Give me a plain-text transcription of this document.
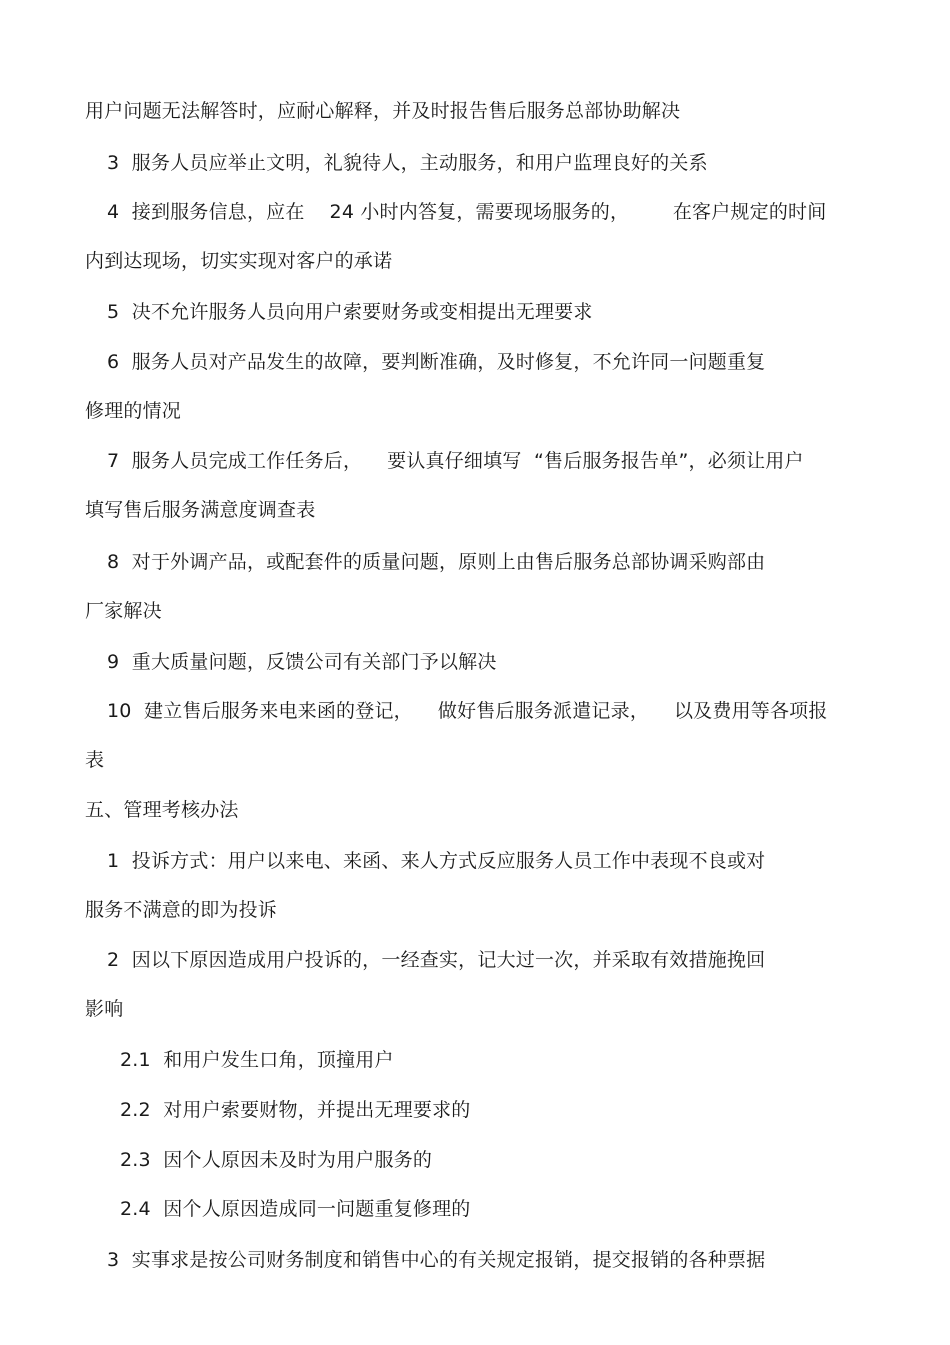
用户问题无法解答时，应耐心解释，并及时报告售后服务总部协助解决
3  服务人员应举止文明，礼貌待人，主动服务，和用户监理良好的关系
4  接到服务信息，应在    24 小时内答复，需要现场服务的，       在客户规定的时间
内到达现场，切实实现对客户的承诺
5  决不允许服务人员向用户索要财务或变相提出无理要求
6  服务人员对产品发生的故障，要判断准确，及时修复，不允许同一问题重复
修理的情况
7  服务人员完成工作任务后，    要认真仔细填写  “售后服务报告单”，必须让用户
填写售后服务满意度调查表
8  对于外调产品，或配套件的质量问题，原则上由售后服务总部协调采购部由
厂家解决
9  重大质量问题，反馈公司有关部门予以解决
10  建立售后服务来电来函的登记，    做好售后服务派遣记录，    以及费用等各项报
表
五、管理考核办法
1  投诉方式：用户以来电、来函、来人方式反应服务人员工作中表现不良或对
服务不满意的即为投诉
2  因以下原因造成用户投诉的，一经查实，记大过一次，并采取有效措施挽回
影响
2.1  和用户发生口角，顶撞用户
2.2  对用户索要财物，并提出无理要求的
2.3  因个人原因未及时为用户服务的
2.4  因个人原因造成同一问题重复修理的
3  实事求是按公司财务制度和销售中心的有关规定报销，提交报销的各种票据
